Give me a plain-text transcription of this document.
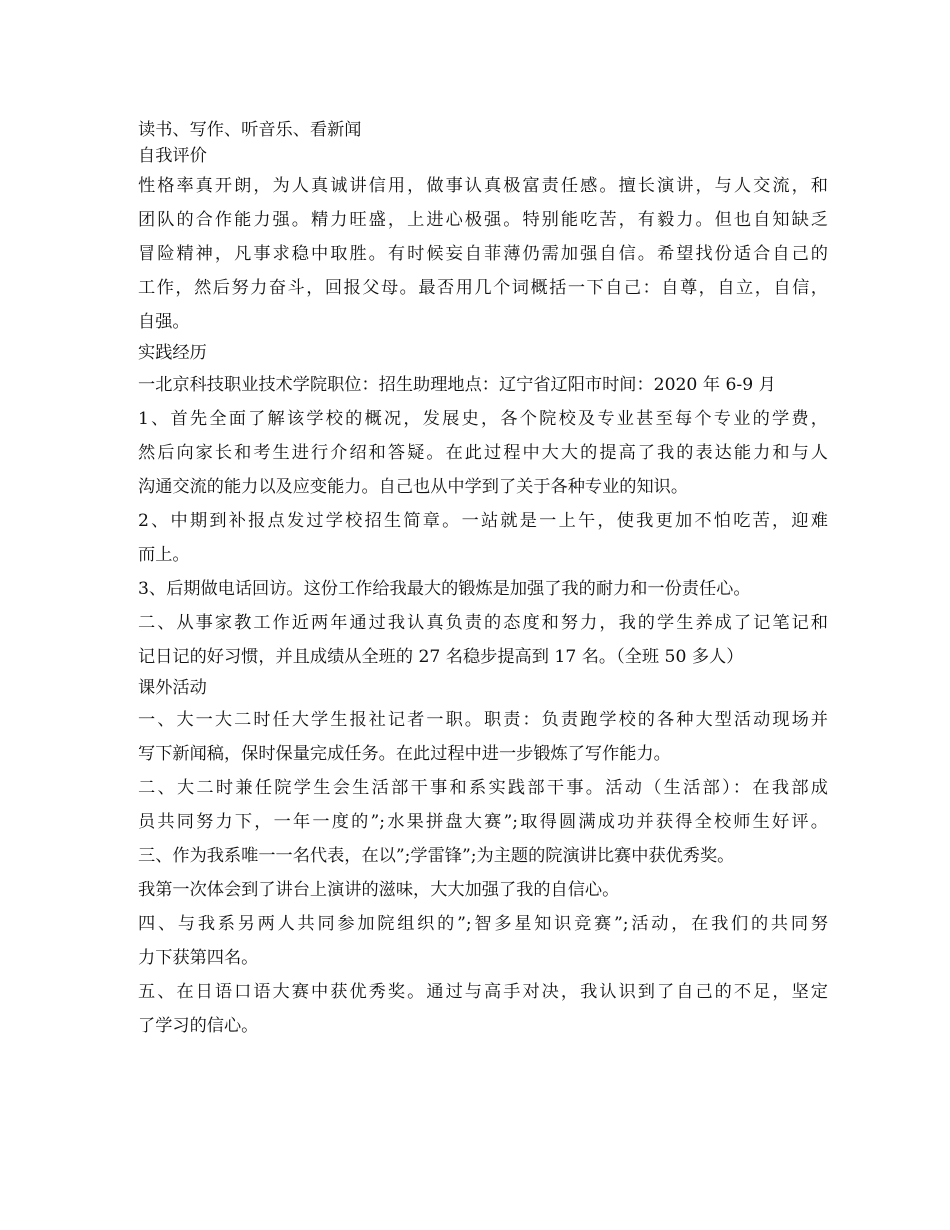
读书、写作、听音乐、看新闻
自我评价
性格率真开朗，为人真诚讲信用，做事认真极富责任感。擅长演讲，与人交流，和
团队的合作能力强。精力旺盛，上进心极强。特别能吃苦，有毅力。但也自知缺乏
冒险精神，凡事求稳中取胜。有时候妄自菲薄仍需加强自信。希望找份适合自己的
工作，然后努力奋斗，回报父母。最否用几个词概括一下自己：自尊，自立，自信，
自强。
实践经历
一北京科技职业技术学院职位：招生助理地点：辽宁省辽阳市时间：2020 年 6-9 月
1、首先全面了解该学校的概况，发展史，各个院校及专业甚至每个专业的学费，
然后向家长和考生进行介绍和答疑。在此过程中大大的提高了我的表达能力和与人
沟通交流的能力以及应变能力。自己也从中学到了关于各种专业的知识。
2、中期到补报点发过学校招生简章。一站就是一上午，使我更加不怕吃苦，迎难
而上。
3、后期做电话回访。这份工作给我最大的锻炼是加强了我的耐力和一份责任心。
二、从事家教工作近两年通过我认真负责的态度和努力，我的学生养成了记笔记和
记日记的好习惯，并且成绩从全班的 27 名稳步提高到 17 名。（全班 50 多人）
课外活动
一、大一大二时任大学生报社记者一职。职责：负责跑学校的各种大型活动现场并
写下新闻稿，保时保量完成任务。在此过程中进一步锻炼了写作能力。
二、大二时兼任院学生会生活部干事和系实践部干事。活动（生活部）：在我部成
员共同努力下，一年一度的”;水果拼盘大赛”;取得圆满成功并获得全校师生好评。
三、作为我系唯一一名代表，在以”;学雷锋”;为主题的院演讲比赛中获优秀奖。
我第一次体会到了讲台上演讲的滋味，大大加强了我的自信心。
四、与我系另两人共同参加院组织的”;智多星知识竞赛”;活动，在我们的共同努
力下获第四名。
五、在日语口语大赛中获优秀奖。通过与高手对决，我认识到了自己的不足，坚定
了学习的信心。
